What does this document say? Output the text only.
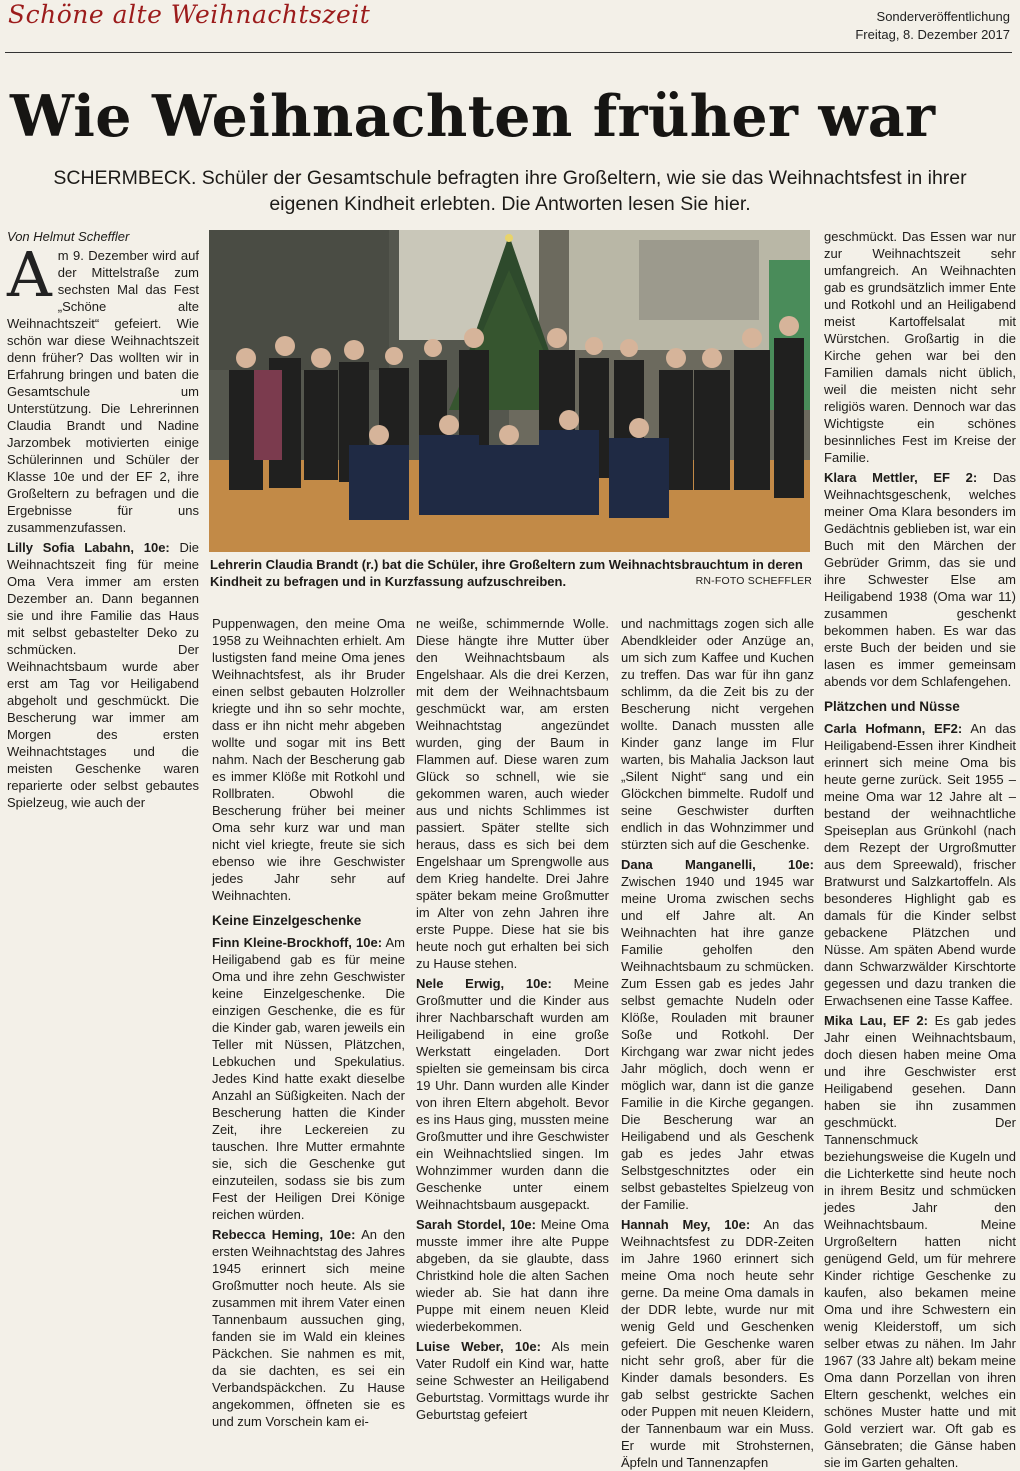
Schöne alte Weihnachtszeit	Sonderveröffentlichung
Freitag, 8. Dezember 2017
Wie Weihnachten früher war
SCHERMBECK. Schüler der Gesamtschule befragten ihre Großeltern, wie sie das Weihnachtsfest in ihrer eigenen Kindheit erlebten. Die Antworten lesen Sie hier.

Von Helmut Scheffler

A m 9. Dezember wird auf der Mittelstraße zum sechsten Mal das Fest „Schöne alte Weihnachtszeit“ gefeiert. Wie schön war diese Weihnachtszeit denn früher? Das wollten wir in Erfahrung bringen und baten die Gesamtschule um Unterstützung. Die Lehrerinnen Claudia Brandt und Nadine Jarzombek motivierten einige Schülerinnen und Schüler der Klasse 10e und der EF 2, ihre Großeltern zu befragen und die Ergebnisse für uns zusammenzufassen.

Lilly Sofia Labahn, 10e: Die Weihnachtszeit fing für meine Oma Vera immer am ersten Dezember an. Dann begannen sie und ihre Familie das Haus mit selbst gebastelter Deko zu schmücken. Der Weihnachtsbaum wurde aber erst am Tag vor Heiligabend abgeholt und geschmückt. Die Bescherung war immer am Morgen des ersten Weihnachtstages und die meisten Geschenke waren reparierte oder selbst gebautes Spielzeug, wie auch der

Lehrerin Claudia Brandt (r.) bat die Schüler, ihre Großeltern zum Weihnachtsbrauchtum in deren Kindheit zu befragen und in Kurzfassung aufzuschreiben.	RN-FOTO SCHEFFLER

Puppenwagen, den meine Oma 1958 zu Weihnachten erhielt. Am lustigsten fand meine Oma jenes Weihnachtsfest, als ihr Bruder einen selbst gebauten Holzroller kriegte und ihn so sehr mochte, dass er ihn nicht mehr abgeben wollte und sogar mit ins Bett nahm. Nach der Bescherung gab es immer Klöße mit Rotkohl und Rollbraten. Obwohl die Bescherung früher bei meiner Oma sehr kurz war und man nicht viel kriegte, freute sie sich ebenso wie ihre Geschwister jedes Jahr sehr auf Weihnachten.

Keine Einzelgeschenke

Finn Kleine-Brockhoff, 10e: Am Heiligabend gab es für meine Oma und ihre zehn Geschwister keine Einzelgeschenke. Die einzigen Geschenke, die es für die Kinder gab, waren jeweils ein Teller mit Nüssen, Plätzchen, Lebkuchen und Spekulatius. Jedes Kind hatte exakt dieselbe Anzahl an Süßigkeiten. Nach der Bescherung hatten die Kinder Zeit, ihre Leckereien zu tauschen. Ihre Mutter ermahnte sie, sich die Geschenke gut einzuteilen, sodass sie bis zum Fest der Heiligen Drei Könige reichen würden.

Rebecca Heming, 10e: An den ersten Weihnachtstag des Jahres 1945 erinnert sich meine Großmutter noch heute. Als sie zusammen mit ihrem Vater einen Tannenbaum aussuchen ging, fanden sie im Wald ein kleines Päckchen. Sie nahmen es mit, da sie dachten, es sei ein Verbandspäckchen. Zu Hause angekommen, öffneten sie es und zum Vorschein kam ei-

ne weiße, schimmernde Wolle. Diese hängte ihre Mutter über den Weihnachtsbaum als Engelshaar. Als die drei Kerzen, mit dem der Weihnachtsbaum geschmückt war, am ersten Weihnachtstag angezündet wurden, ging der Baum in Flammen auf. Diese waren zum Glück so schnell, wie sie gekommen waren, auch wieder aus und nichts Schlimmes ist passiert. Später stellte sich heraus, dass es sich bei dem Engelshaar um Sprengwolle aus dem Krieg handelte. Drei Jahre später bekam meine Großmutter im Alter von zehn Jahren ihre erste Puppe. Diese hat sie bis heute noch gut erhalten bei sich zu Hause stehen.

Nele Erwig, 10e: Meine Großmutter und die Kinder aus ihrer Nachbarschaft wurden am Heiligabend in eine große Werkstatt eingeladen. Dort spielten sie gemeinsam bis circa 19 Uhr. Dann wurden alle Kinder von ihren Eltern abgeholt. Bevor es ins Haus ging, mussten meine Großmutter und ihre Geschwister ein Weihnachtslied singen. Im Wohnzimmer wurden dann die Geschenke unter einem Weihnachtsbaum ausgepackt.

Sarah Stordel, 10e: Meine Oma musste immer ihre alte Puppe abgeben, da sie glaubte, dass Christkind hole die alten Sachen wieder ab. Sie hat dann ihre Puppe mit einem neuen Kleid wiederbekommen.

Luise Weber, 10e: Als mein Vater Rudolf ein Kind war, hatte seine Schwester an Heiligabend Geburtstag. Vormittags wurde ihr Geburtstag gefeiert

und nachmittags zogen sich alle Abendkleider oder Anzüge an, um sich zum Kaffee und Kuchen zu treffen. Das war für ihn ganz schlimm, da die Zeit bis zu der Bescherung nicht vergehen wollte. Danach mussten alle Kinder ganz lange im Flur warten, bis Mahalia Jackson laut „Silent Night“ sang und ein Glöckchen bimmelte. Rudolf und seine Geschwister durften endlich in das Wohnzimmer und stürzten sich auf die Geschenke.

Dana Manganelli, 10e: Zwischen 1940 und 1945 war meine Uroma zwischen sechs und elf Jahre alt. An Weihnachten hat ihre ganze Familie geholfen den Weihnachtsbaum zu schmücken. Zum Essen gab es jedes Jahr selbst gemachte Nudeln oder Klöße, Rouladen mit brauner Soße und Rotkohl. Der Kirchgang war zwar nicht jedes Jahr möglich, doch wenn er möglich war, dann ist die ganze Familie in die Kirche gegangen. Die Bescherung war an Heiligabend und als Geschenk gab es jedes Jahr etwas Selbstgeschnitztes oder ein selbst gebasteltes Spielzeug von der Familie.

Hannah Mey, 10e: An das Weihnachtsfest zu DDR-Zeiten im Jahre 1960 erinnert sich meine Oma noch heute sehr gerne. Da meine Oma damals in der DDR lebte, wurde nur mit wenig Geld und Geschenken gefeiert. Die Geschenke waren nicht sehr groß, aber für die Kinder damals besonders. Es gab selbst gestrickte Sachen oder Puppen mit neuen Kleidern, der Tannenbaum war ein Muss. Er wurde mit Strohsternen, Äpfeln und Tannenzapfen

geschmückt. Das Essen war nur zur Weihnachtszeit sehr umfangreich. An Weihnachten gab es grundsätzlich immer Ente und Rotkohl und an Heiligabend meist Kartoffelsalat mit Würstchen. Großartig in die Kirche gehen war bei den Familien damals nicht üblich, weil die meisten nicht sehr religiös waren. Dennoch war das Wichtigste ein schönes besinnliches Fest im Kreise der Familie.

Klara Mettler, EF 2: Das Weihnachtsgeschenk, welches meiner Oma Klara besonders im Gedächtnis geblieben ist, war ein Buch mit den Märchen der Gebrüder Grimm, das sie und ihre Schwester Else am Heiligabend 1938 (Oma war 11) zusammen geschenkt bekommen haben. Es war das erste Buch der beiden und sie lasen es immer gemeinsam abends vor dem Schlafengehen.

Plätzchen und Nüsse

Carla Hofmann, EF2: An das Heiligabend-Essen ihrer Kindheit erinnert sich meine Oma bis heute gerne zurück. Seit 1955 – meine Oma war 12 Jahre alt – bestand der weihnachtliche Speiseplan aus Grünkohl (nach dem Rezept der Urgroßmutter aus dem Spreewald), frischer Bratwurst und Salzkartoffeln. Als besonderes Highlight gab es damals für die Kinder selbst gebackene Plätzchen und Nüsse. Am späten Abend wurde dann Schwarzwälder Kirschtorte gegessen und dazu tranken die Erwachsenen eine Tasse Kaffee.

Mika Lau, EF 2: Es gab jedes Jahr einen Weihnachtsbaum, doch diesen haben meine Oma und ihre Geschwister erst Heiligabend gesehen. Dann haben sie ihn zusammen geschmückt. Der Tannenschmuck beziehungsweise die Kugeln und die Lichterkette sind heute noch in ihrem Besitz und schmücken jedes Jahr den Weihnachtsbaum. Meine Urgroßeltern hatten nicht genügend Geld, um für mehrere Kinder richtige Geschenke zu kaufen, also bekamen meine Oma und ihre Schwestern ein wenig Kleiderstoff, um sich selber etwas zu nähen. Im Jahr 1967 (33 Jahre alt) bekam meine Oma dann Porzellan von ihren Eltern geschenkt, welches ein schönes Muster hatte und mit Gold verziert war. Oft gab es Gänsebraten; die Gänse haben sie im Garten gehalten.
